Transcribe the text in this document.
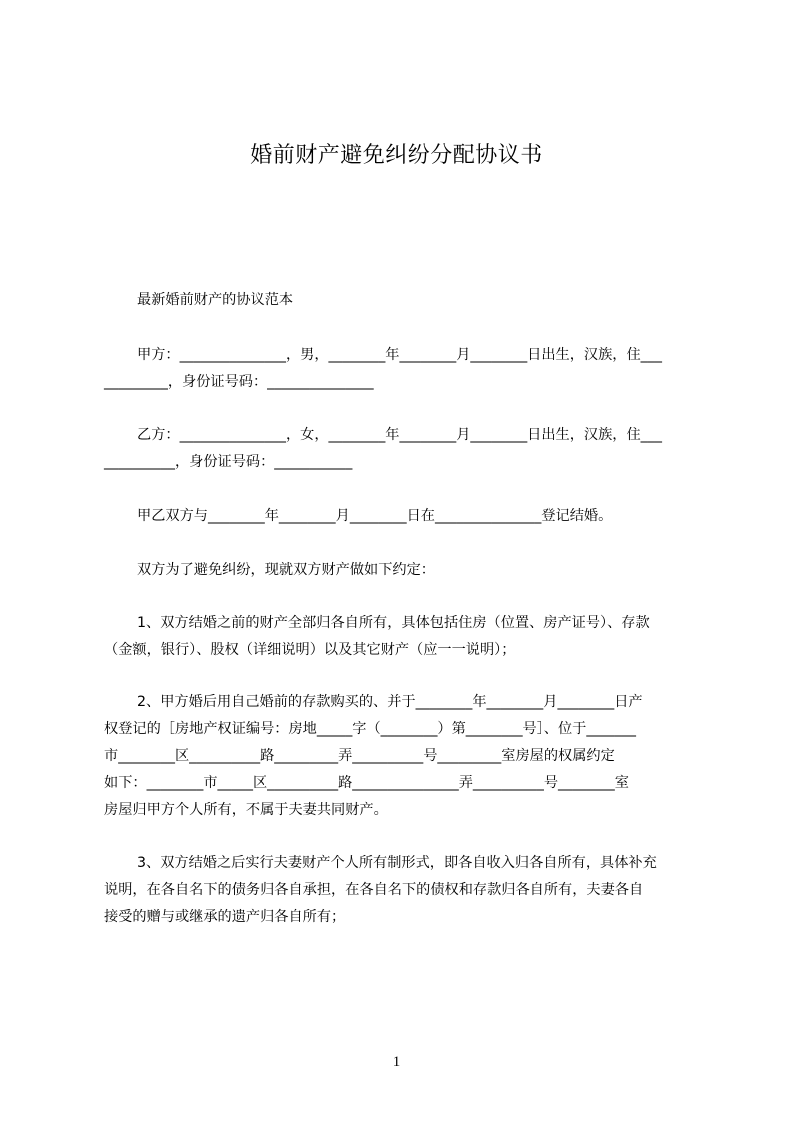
婚前财产避免纠纷分配协议书
最新婚前财产的协议范本
甲方：_______________，男，________年________月________日出生，汉族，住___
_________，身份证号码：_______________
乙方：_______________，女，________年________月________日出生，汉族，住___
__________，身份证号码：___________
甲乙双方与________年________月________日在_______________登记结婚。
双方为了避免纠纷，现就双方财产做如下约定：
1、双方结婚之前的财产全部归各自所有，具体包括住房（位置、房产证号）、存款
（金额，银行）、股权（详细说明）以及其它财产（应一一说明）；
2、甲方婚后用自己婚前的存款购买的、并于________年________月________日产
权登记的［房地产权证编号：房地_____字（________）第________号］、位于_______
市________区__________路_________弄__________号_________室房屋的权属约定
如下：________市_____区__________路_______________弄__________号________室
房屋归甲方个人所有，不属于夫妻共同财产。
3、双方结婚之后实行夫妻财产个人所有制形式，即各自收入归各自所有，具体补充
说明，在各自名下的债务归各自承担，在各自名下的债权和存款归各自所有，夫妻各自
接受的赠与或继承的遗产归各自所有；
1
